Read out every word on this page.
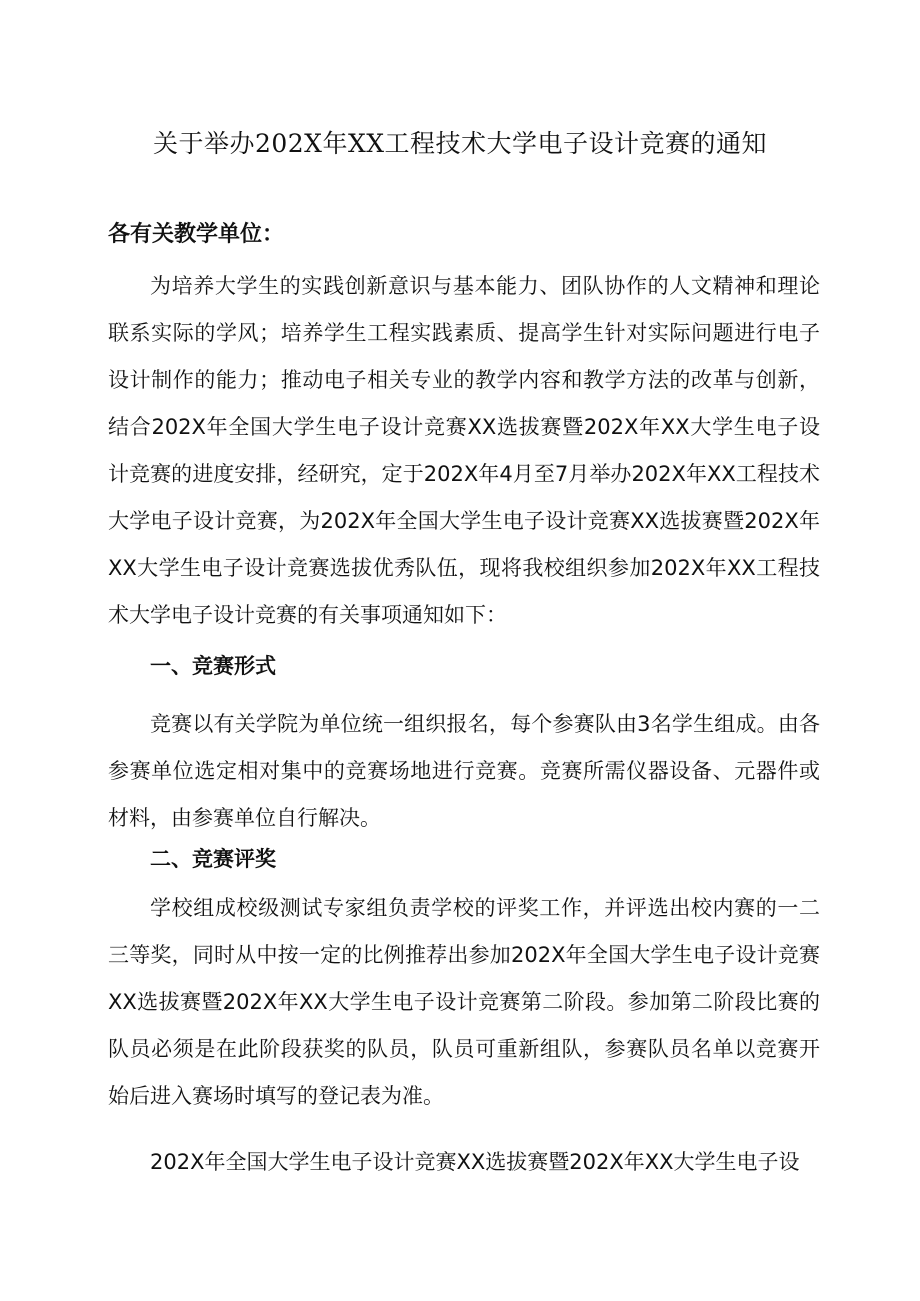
关于举办202X年XX工程技术大学电子设计竞赛的通知
各有关教学单位：

为培养大学生的实践创新意识与基本能力、团队协作的人文精神和理论联系实际的学风；培养学生工程实践素质、提高学生针对实际问题进行电子设计制作的能力；推动电子相关专业的教学内容和教学方法的改革与创新，结合202X年全国大学生电子设计竞赛XX选拔赛暨202X年XX大学生电子设计竞赛的进度安排，经研究，定于202X年4月至7月举办202X年XX工程技术大学电子设计竞赛，为202X年全国大学生电子设计竞赛XX选拔赛暨202X年XX大学生电子设计竞赛选拔优秀队伍，现将我校组织参加202X年XX工程技术大学电子设计竞赛的有关事项通知如下：

一、竞赛形式

竞赛以有关学院为单位统一组织报名，每个参赛队由3名学生组成。由各参赛单位选定相对集中的竞赛场地进行竞赛。竞赛所需仪器设备、元器件或材料，由参赛单位自行解决。

二、竞赛评奖

学校组成校级测试专家组负责学校的评奖工作，并评选出校内赛的一二三等奖，同时从中按一定的比例推荐出参加202X年全国大学生电子设计竞赛XX选拔赛暨202X年XX大学生电子设计竞赛第二阶段。参加第二阶段比赛的队员必须是在此阶段获奖的队员，队员可重新组队，参赛队员名单以竞赛开始后进入赛场时填写的登记表为准。

202X年全国大学生电子设计竞赛XX选拔赛暨202X年XX大学生电子设
